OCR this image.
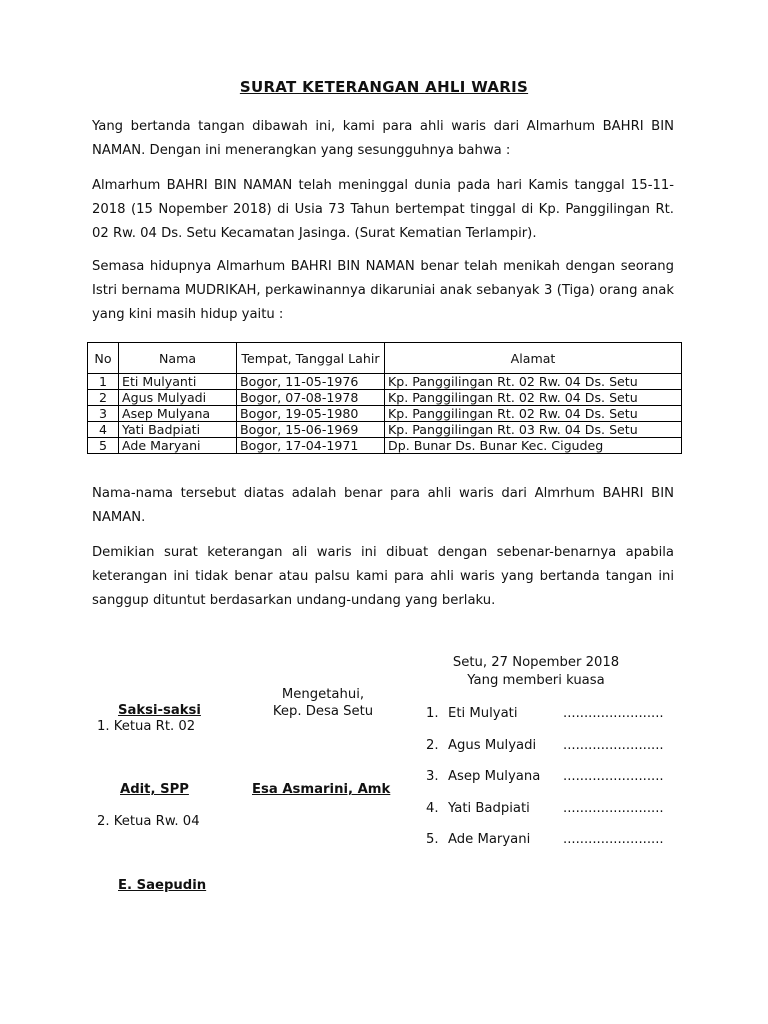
SURAT KETERANGAN AHLI WARIS

Yang bertanda tangan dibawah ini, kami para ahli waris dari Almarhum BAHRI BIN NAMAN. Dengan ini menerangkan yang sesungguhnya bahwa :

Almarhum BAHRI BIN NAMAN telah meninggal dunia pada hari Kamis tanggal 15-11-2018 (15 Nopember 2018) di Usia 73 Tahun bertempat tinggal di Kp. Panggilingan Rt. 02 Rw. 04 Ds. Setu Kecamatan Jasinga. (Surat Kematian Terlampir).

Semasa hidupnya Almarhum BAHRI BIN NAMAN benar telah menikah dengan seorang Istri bernama MUDRIKAH, perkawinannya dikaruniai anak sebanyak 3 (Tiga) orang anak yang kini masih hidup yaitu :

No	Nama	Tempat, Tanggal Lahir	Alamat
1	Eti Mulyanti	Bogor, 11-05-1976	Kp. Panggilingan Rt. 02 Rw. 04 Ds. Setu
2	Agus Mulyadi	Bogor, 07-08-1978	Kp. Panggilingan Rt. 02 Rw. 04 Ds. Setu
3	Asep Mulyana	Bogor, 19-05-1980	Kp. Panggilingan Rt. 02 Rw. 04 Ds. Setu
4	Yati Badpiati	Bogor, 15-06-1969	Kp. Panggilingan Rt. 03 Rw. 04 Ds. Setu
5	Ade Maryani	Bogor, 17-04-1971	Dp. Bunar Ds. Bunar Kec. Cigudeg

Nama-nama tersebut diatas adalah benar para ahli waris dari Almrhum BAHRI BIN NAMAN.

Demikian surat keterangan ali waris ini dibuat dengan sebenar-benarnya apabila keterangan ini tidak benar atau palsu kami para ahli waris yang bertanda tangan ini sanggup dituntut berdasarkan undang-undang yang berlaku.

Setu, 27 Nopember 2018
Yang memberi kuasa
Mengetahui,
Kep. Desa Setu
Esa Asmarini, Amk
Saksi-saksi
1. Ketua Rt. 02
Adit, SPP
2. Ketua Rw. 04
E. Saepudin
1. Eti Mulyati	........................
2. Agus Mulyadi ........................
3. Asep Mulyana ........................
4. Yati Badpiati	........................
5. Ade Maryani ........................
